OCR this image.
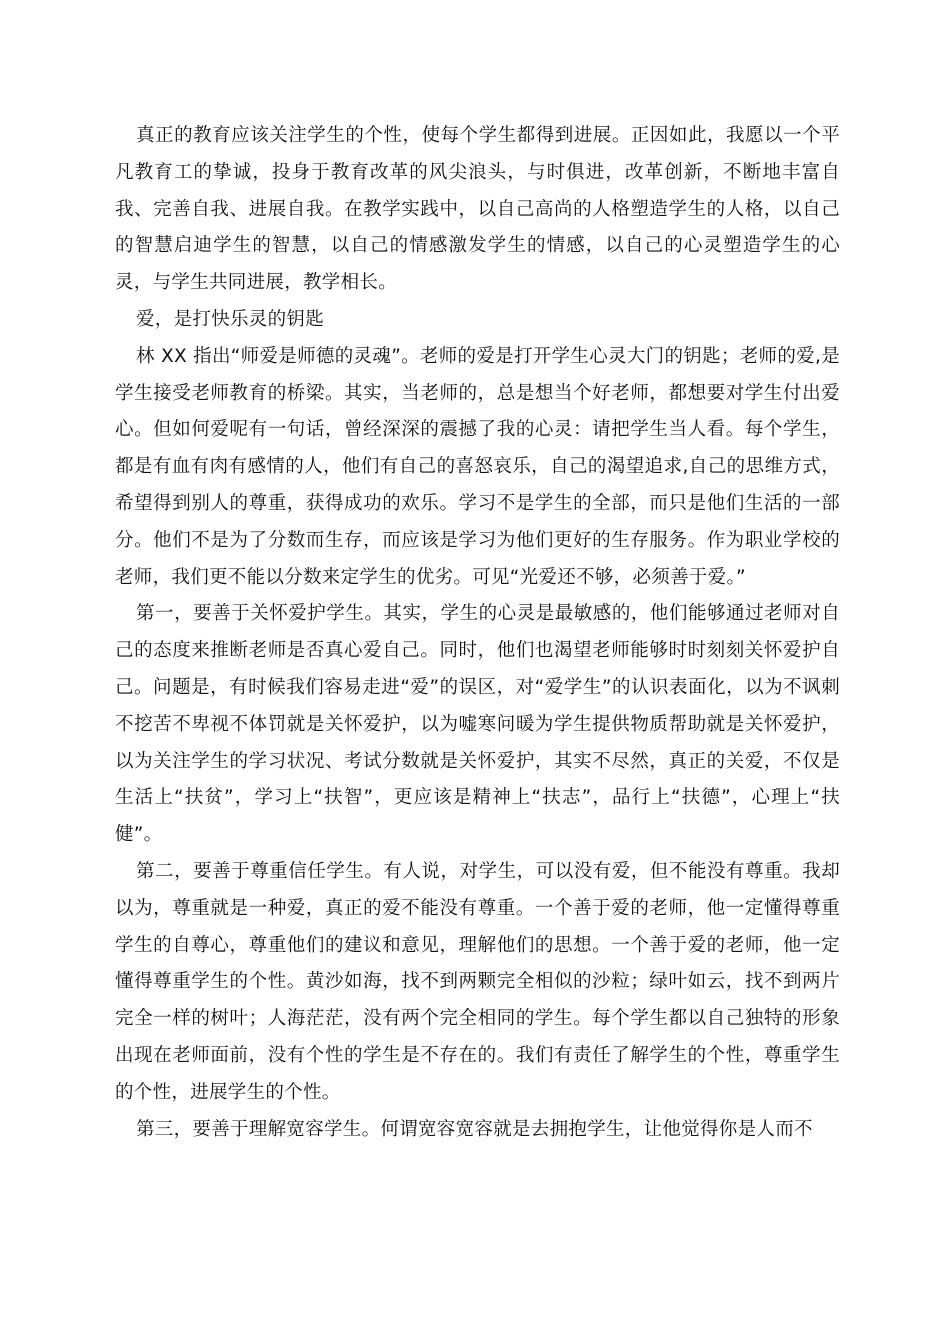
真正的教育应该关注学生的个性，使每个学生都得到进展。正因如此，我愿以一个平凡教育工的挚诚，投身于教育改革的风尖浪头，与时俱进，改革创新，不断地丰富自我、完善自我、进展自我。在教学实践中，以自己高尚的人格塑造学生的人格，以自己的智慧启迪学生的智慧，以自己的情感激发学生的情感，以自己的心灵塑造学生的心灵，与学生共同进展，教学相长。

爱，是打快乐灵的钥匙

林 XX 指出“师爱是师德的灵魂”。老师的爱是打开学生心灵大门的钥匙；老师的爱,是学生接受老师教育的桥梁。其实，当老师的，总是想当个好老师，都想要对学生付出爱心。但如何爱呢有一句话，曾经深深的震撼了我的心灵：请把学生当人看。每个学生，都是有血有肉有感情的人，他们有自己的喜怒哀乐，自己的渴望追求,自己的思维方式，希望得到别人的尊重，获得成功的欢乐。学习不是学生的全部，而只是他们生活的一部分。他们不是为了分数而生存，而应该是学习为他们更好的生存服务。作为职业学校的老师，我们更不能以分数来定学生的优劣。可见“光爱还不够，必须善于爱。”

第一，要善于关怀爱护学生。其实，学生的心灵是最敏感的，他们能够通过老师对自己的态度来推断老师是否真心爱自己。同时，他们也渴望老师能够时时刻刻关怀爱护自己。问题是，有时候我们容易走进“爱”的误区，对“爱学生”的认识表面化，以为不讽刺不挖苦不卑视不体罚就是关怀爱护，以为嘘寒问暖为学生提供物质帮助就是关怀爱护，以为关注学生的学习状况、考试分数就是关怀爱护，其实不尽然，真正的关爱，不仅是生活上“扶贫”，学习上“扶智”，更应该是精神上“扶志”，品行上“扶德”，心理上“扶健”。

第二，要善于尊重信任学生。有人说，对学生，可以没有爱，但不能没有尊重。我却以为，尊重就是一种爱，真正的爱不能没有尊重。一个善于爱的老师，他一定懂得尊重学生的自尊心，尊重他们的建议和意见，理解他们的思想。一个善于爱的老师，他一定懂得尊重学生的个性。黄沙如海，找不到两颗完全相似的沙粒；绿叶如云，找不到两片完全一样的树叶；人海茫茫，没有两个完全相同的学生。每个学生都以自己独特的形象出现在老师面前，没有个性的学生是不存在的。我们有责任了解学生的个性，尊重学生的个性，进展学生的个性。

第三，要善于理解宽容学生。何谓宽容宽容就是去拥抱学生，让他觉得你是人而不
